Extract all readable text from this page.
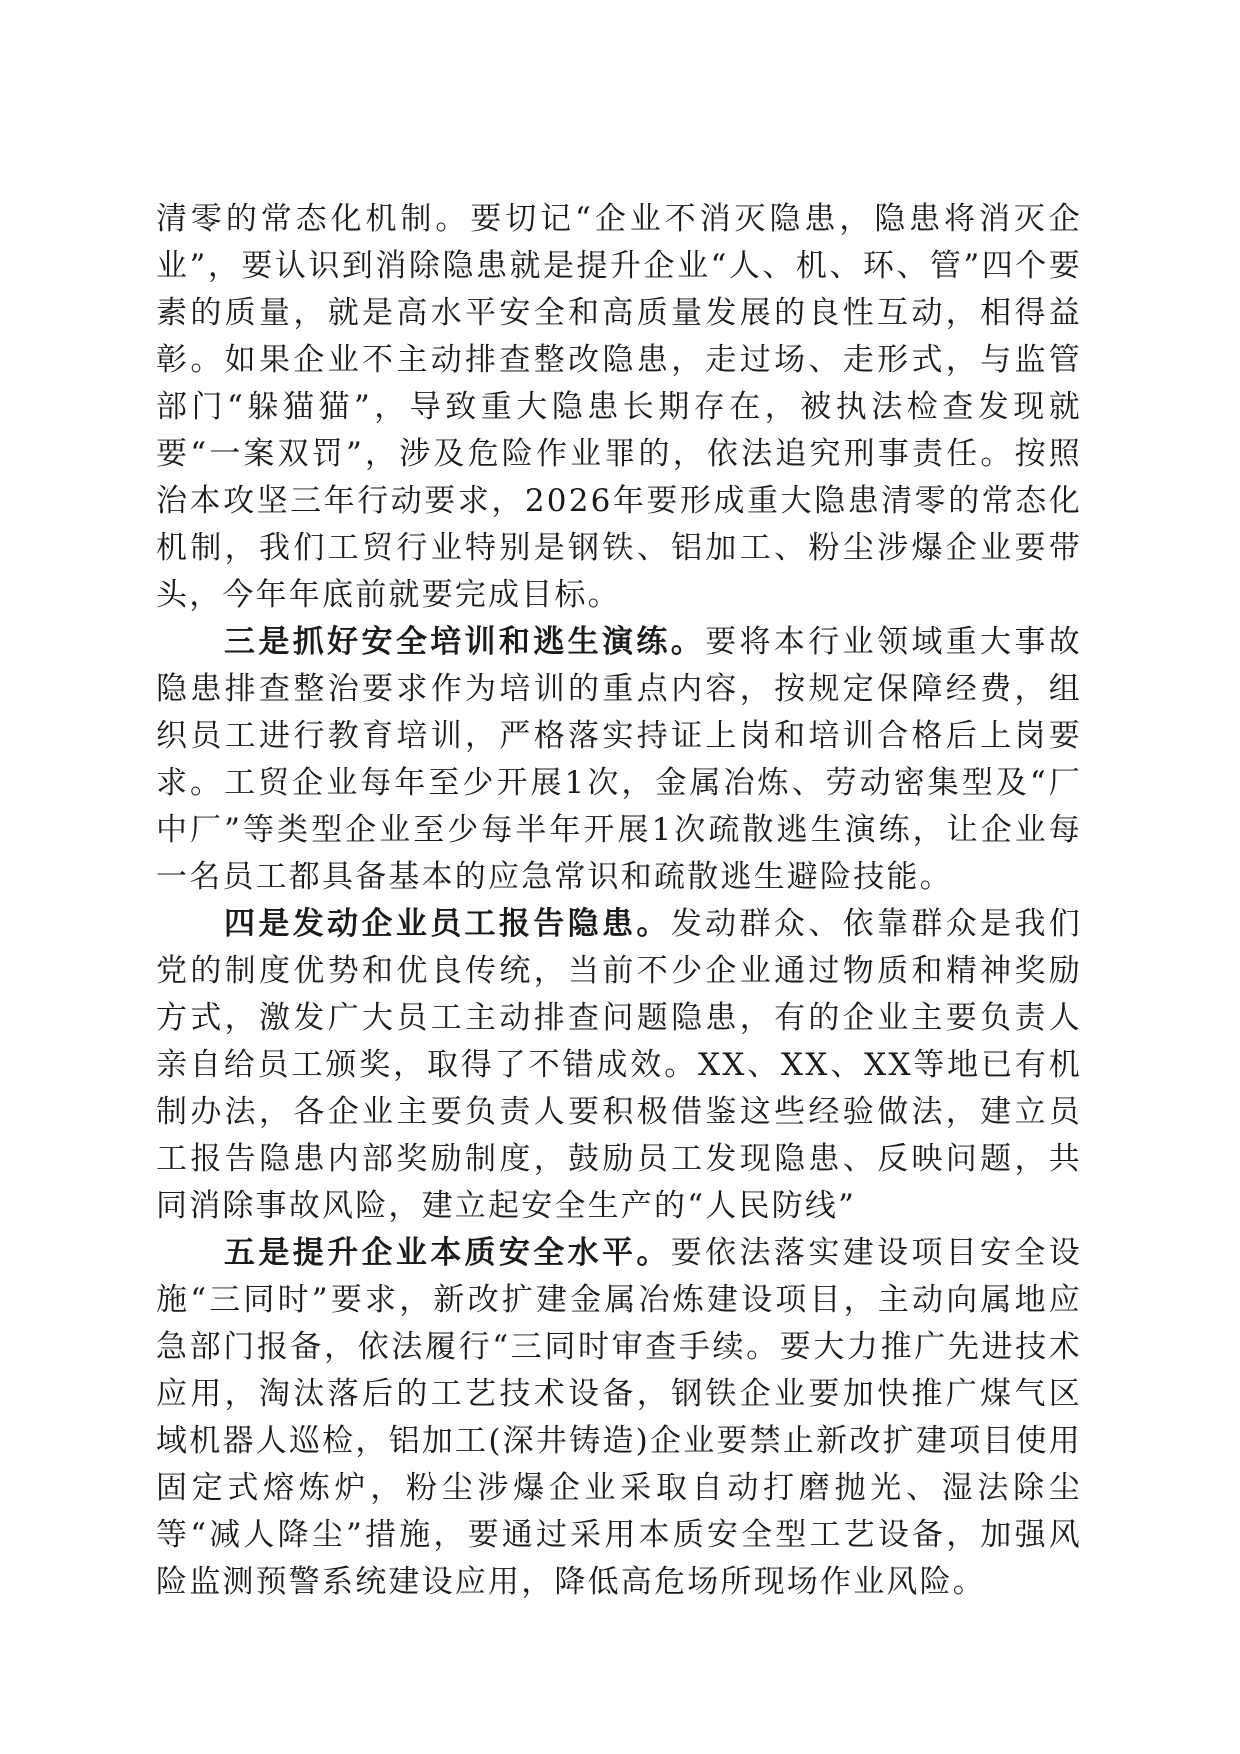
清零的常态化机制。要切记“企业不消灭隐患，隐患将消灭企业”，要认识到消除隐患就是提升企业“人、机、环、管”四个要素的质量，就是高水平安全和高质量发展的良性互动，相得益彰。如果企业不主动排查整改隐患，走过场、走形式，与监管部门“躲猫猫”，导致重大隐患长期存在，被执法检查发现就要“一案双罚”，涉及危险作业罪的，依法追究刑事责任。按照治本攻坚三年行动要求，2026年要形成重大隐患清零的常态化机制，我们工贸行业特别是钢铁、铝加工、粉尘涉爆企业要带头，今年年底前就要完成目标。

三是抓好安全培训和逃生演练。要将本行业领域重大事故隐患排查整治要求作为培训的重点内容，按规定保障经费，组织员工进行教育培训，严格落实持证上岗和培训合格后上岗要求。工贸企业每年至少开展1次，金属冶炼、劳动密集型及“厂中厂”等类型企业至少每半年开展1次疏散逃生演练，让企业每一名员工都具备基本的应急常识和疏散逃生避险技能。

四是发动企业员工报告隐患。发动群众、依靠群众是我们党的制度优势和优良传统，当前不少企业通过物质和精神奖励方式，激发广大员工主动排查问题隐患，有的企业主要负责人亲自给员工颁奖，取得了不错成效。XX、XX、XX等地已有机制办法，各企业主要负责人要积极借鉴这些经验做法，建立员工报告隐患内部奖励制度，鼓励员工发现隐患、反映问题，共同消除事故风险，建立起安全生产的“人民防线”

五是提升企业本质安全水平。要依法落实建设项目安全设施“三同时”要求，新改扩建金属冶炼建设项目，主动向属地应急部门报备，依法履行“三同时审查手续。要大力推广先进技术应用，淘汰落后的工艺技术设备，钢铁企业要加快推广煤气区域机器人巡检，铝加工(深井铸造)企业要禁止新改扩建项目使用固定式熔炼炉，粉尘涉爆企业采取自动打磨抛光、湿法除尘等“减人降尘”措施，要通过采用本质安全型工艺设备，加强风险监测预警系统建设应用，降低高危场所现场作业风险。
